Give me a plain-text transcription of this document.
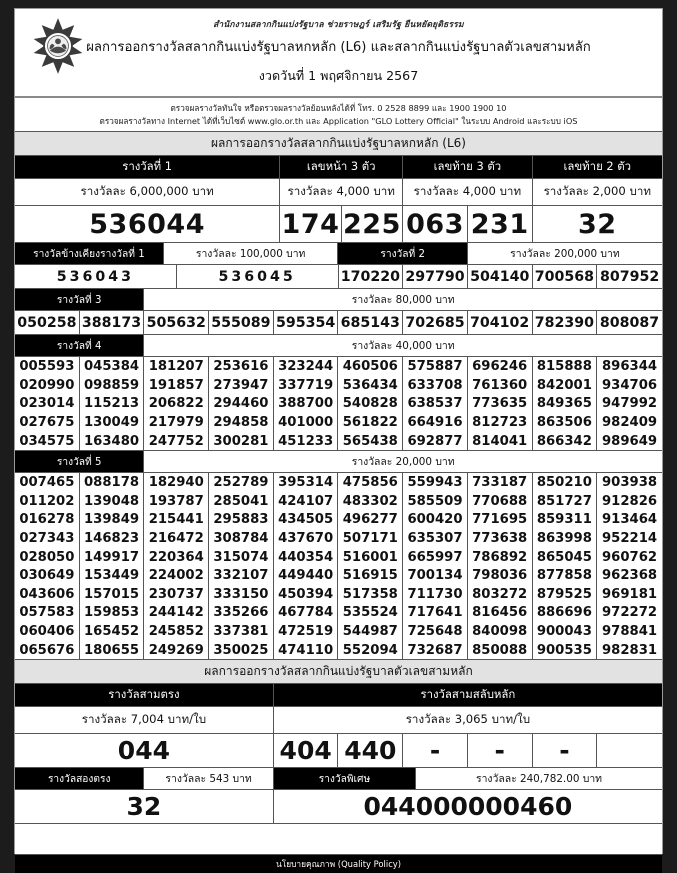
สำนักงานสลากกินแบ่งรัฐบาล ช่วยราษฎร์ เสริมรัฐ ยืนหยัดยุติธรรม
ผลการออกรางวัลสลากกินแบ่งรัฐบาลหกหลัก (L6) และสลากกินแบ่งรัฐบาลตัวเลขสามหลัก
งวดวันที่ 1 พฤศจิกายน 2567
ตรวจผลรางวัลทันใจ หรือตรวจผลรางวัลย้อนหลังได้ที่ โทร. 0 2528 8899 และ 1900 1900 10
ตรวจผลรางวัลทาง Internet ได้ที่เว็บไซต์ www.glo.or.th และ Application "GLO Lottery Official" ในระบบ Android และระบบ iOS
ผลการออกรางวัลสลากกินแบ่งรัฐบาลหกหลัก (L6)
รางวัลที่ 1	เลขหน้า 3 ตัว	เลขท้าย 3 ตัว	เลขท้าย 2 ตัว
รางวัลละ 6,000,000 บาท	รางวัลละ 4,000 บาท	รางวัลละ 4,000 บาท	รางวัลละ 2,000 บาท
536044	174 225 063 231	32
รางวัลข้างเคียงรางวัลที่ 1	รางวัลละ 100,000 บาท	รางวัลที่ 2	รางวัลละ 200,000 บาท
536043	536045	170220 297790 504140 700568 807952
รางวัลที่ 3	รางวัลละ 80,000 บาท
050258 388173 505632 555089 595354 685143 702685 704102 782390 808087
รางวัลที่ 4	รางวัลละ 40,000 บาท
005593 045384 181207 253616 323244 460506 575887 696246 815888 896344
020990 098859 191857 273947 337719 536434 633708 761360 842001 934706
023014 115213 206822 294460 388700 540828 638537 773635 849365 947992
027675 130049 217979 294858 401000 561822 664916 812723 863506 982409
034575 163480 247752 300281 451233 565438 692877 814041 866342 989649
รางวัลที่ 5	รางวัลละ 20,000 บาท
007465 088178 182940 252789 395314 475856 559943 733187 850210 903938
011202 139048 193787 285041 424107 483302 585509 770688 851727 912826
016278 139849 215441 295883 434505 496277 600420 771695 859311 913464
027343 146823 216472 308784 437670 507171 635307 773638 863998 952214
028050 149917 220364 315074 440354 516001 665997 786892 865045 960762
030649 153449 224002 332107 449440 516915 700134 798036 877858 962368
043606 157015 230737 333150 450394 517358 711730 803272 879525 969181
057583 159853 244142 335266 467784 535524 717641 816456 886696 972272
060406 165452 245852 337381 472519 544987 725648 840098 900043 978841
065676 180655 249269 350025 474110 552094 732687 850088 900535 982831
ผลการออกรางวัลสลากกินแบ่งรัฐบาลตัวเลขสามหลัก
รางวัลสามตรง	รางวัลสามสลับหลัก
รางวัลละ 7,004 บาท/ใบ	รางวัลละ 3,065 บาท/ใบ
044	404 440	-	-	-
รางวัลสองตรง	รางวัลละ 543 บาท	รางวัลพิเศษ	รางวัลละ 240,782.00 บาท
32	044000000460
นโยบายคุณภาพ (Quality Policy)
